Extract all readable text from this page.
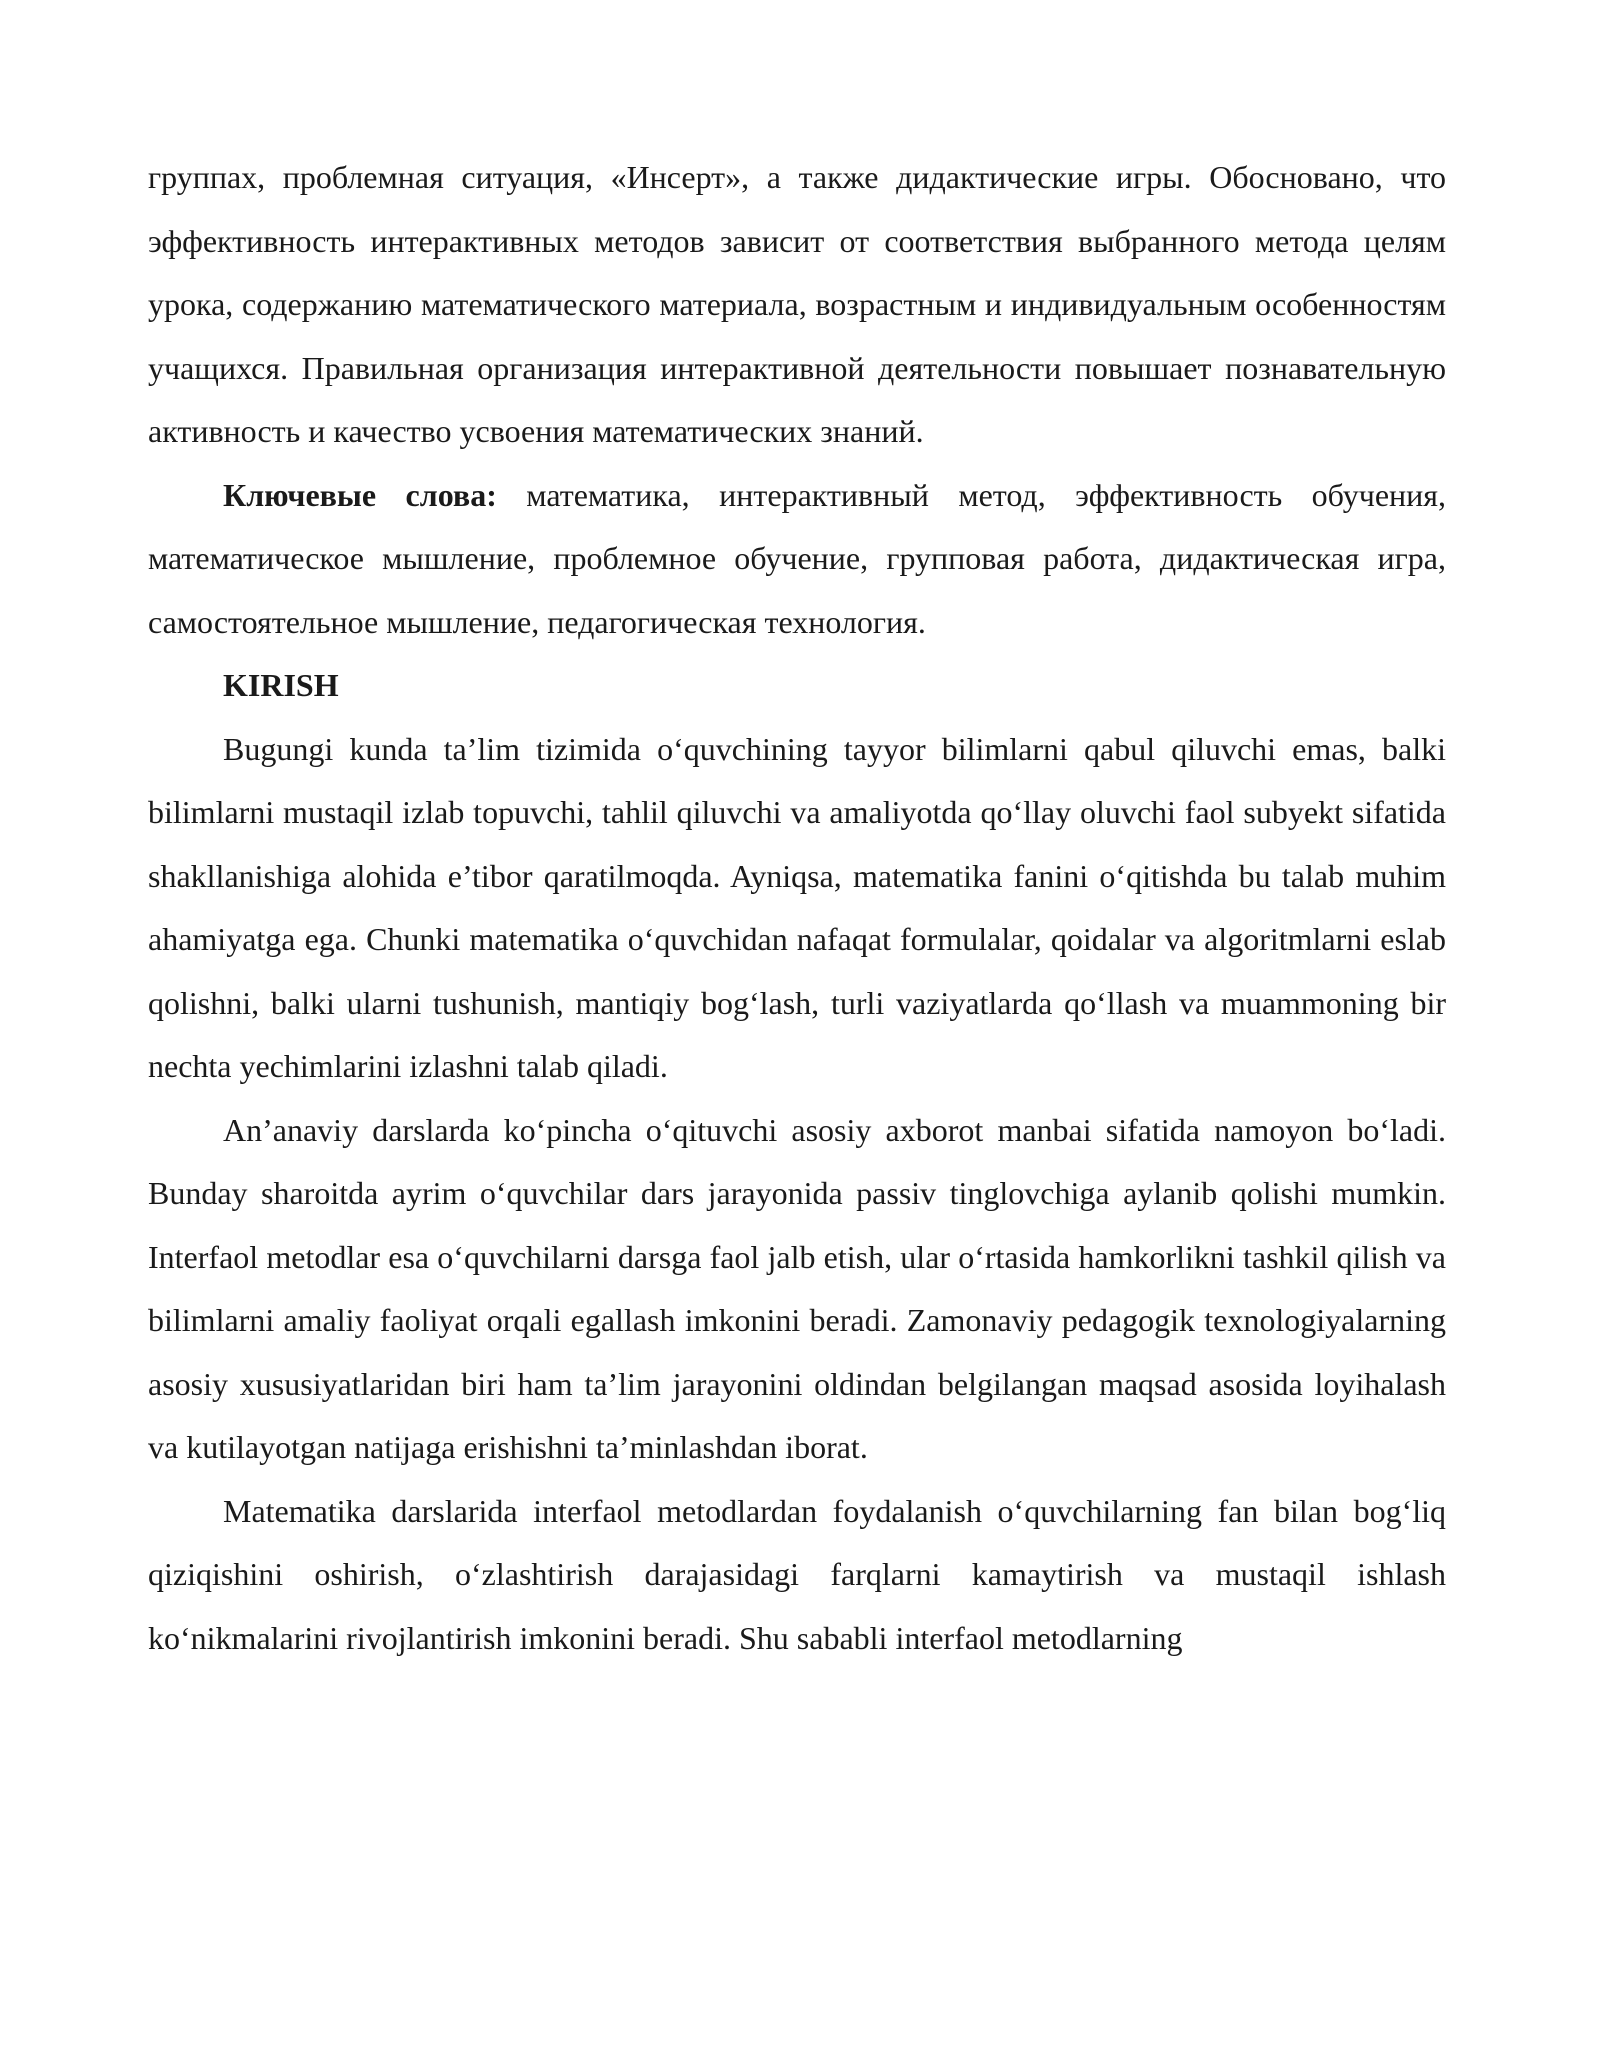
группах, проблемная ситуация, «Инсерт», а также дидактические игры. Обосновано, что эффективность интерактивных методов зависит от соответствия выбранного метода целям урока, содержанию математического материала, возрастным и индивидуальным особенностям учащихся. Правильная организация интерактивной деятельности повышает познавательную активность и качество усвоения математических знаний.

Ключевые слова: математика, интерактивный метод, эффективность обучения, математическое мышление, проблемное обучение, групповая работа, дидактическая игра, самостоятельное мышление, педагогическая технология.

KIRISH

Bugungi kunda ta’lim tizimida oʻquvchining tayyor bilimlarni qabul qiluvchi emas, balki bilimlarni mustaqil izlab topuvchi, tahlil qiluvchi va amaliyotda qoʻllay oluvchi faol subyekt sifatida shakllanishiga alohida e’tibor qaratilmoqda. Ayniqsa, matematika fanini oʻqitishda bu talab muhim ahamiyatga ega. Chunki matematika oʻquvchidan nafaqat formulalar, qoidalar va algoritmlarni eslab qolishni, balki ularni tushunish, mantiqiy bogʻlash, turli vaziyatlarda qoʻllash va muammoning bir nechta yechimlarini izlashni talab qiladi.

An’anaviy darslarda koʻpincha oʻqituvchi asosiy axborot manbai sifatida namoyon boʻladi. Bunday sharoitda ayrim oʻquvchilar dars jarayonida passiv tinglovchiga aylanib qolishi mumkin. Interfaol metodlar esa oʻquvchilarni darsga faol jalb etish, ular oʻrtasida hamkorlikni tashkil qilish va bilimlarni amaliy faoliyat orqali egallash imkonini beradi. Zamonaviy pedagogik texnologiyalarning asosiy xususiyatlaridan biri ham ta’lim jarayonini oldindan belgilangan maqsad asosida loyihalash va kutilayotgan natijaga erishishni ta’minlashdan iborat.

Matematika darslarida interfaol metodlardan foydalanish oʻquvchilarning fan bilan bogʻliq qiziqishini oshirish, oʻzlashtirish darajasidagi farqlarni kamaytirish va mustaqil ishlash koʻnikmalarini rivojlantirish imkonini beradi. Shu sababli interfaol metodlarning
